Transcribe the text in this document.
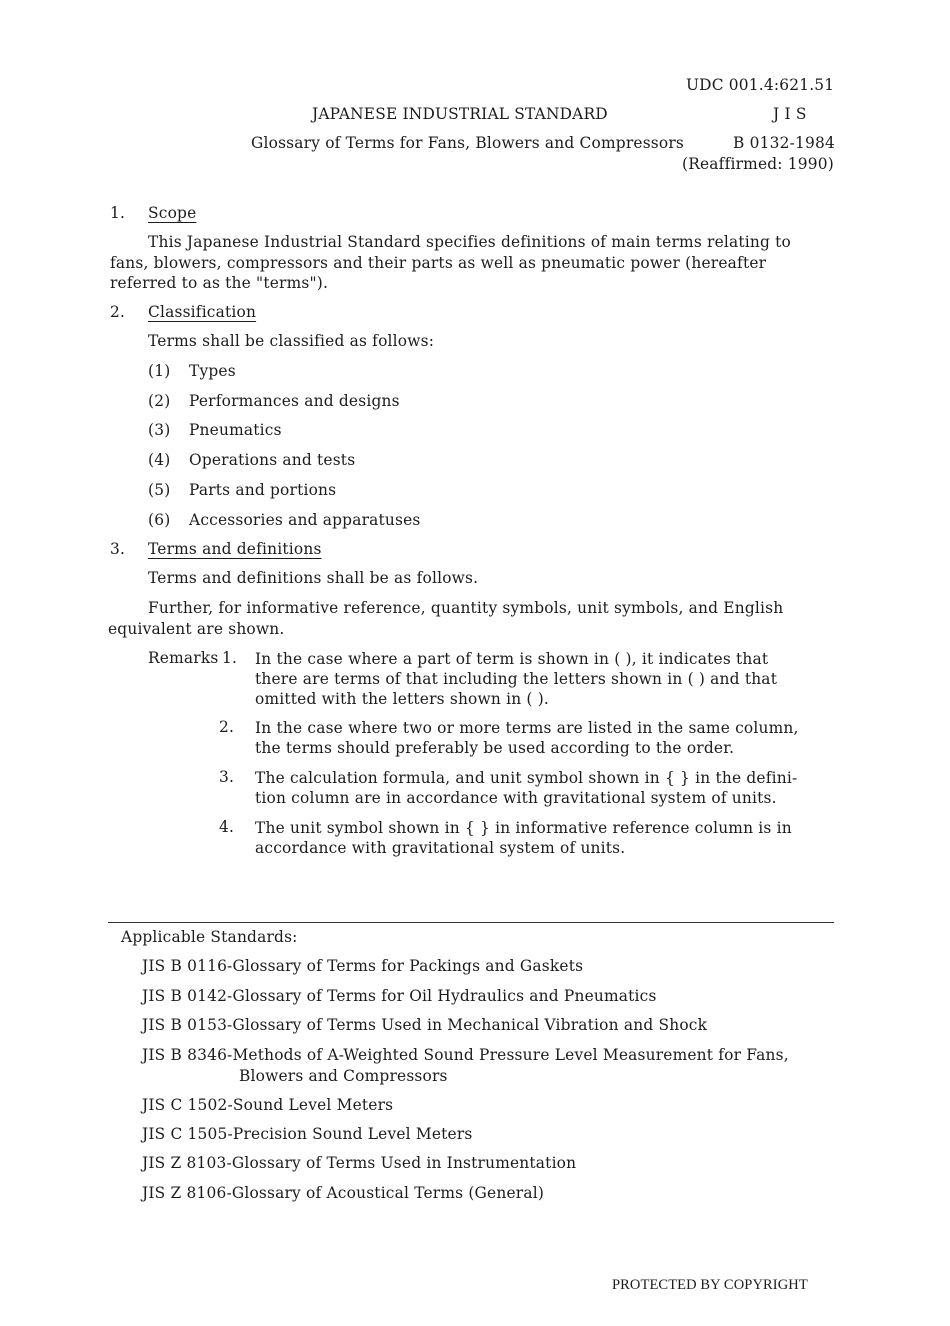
UDC 001.4:621.51
JAPANESE INDUSTRIAL STANDARD	J I S
Glossary of Terms for Fans, Blowers and Compressors	B 0132-1984
(Reaffirmed: 1990)
1. Scope
This Japanese Industrial Standard specifies definitions of main terms relating to
fans, blowers, compressors and their parts as well as pneumatic power (hereafter
referred to as the "terms").
2. Classification
Terms shall be classified as follows:
(1) Types
(2) Performances and designs
(3) Pneumatics
(4) Operations and tests
(5) Parts and portions
(6) Accessories and apparatuses
3. Terms and definitions
Terms and definitions shall be as follows.
Further, for informative reference, quantity symbols, unit symbols, and English
equivalent are shown.
Remarks 1. In the case where a part of term is shown in ( ), it indicates that
there are terms of that including the letters shown in ( ) and that
omitted with the letters shown in ( ).
2. In the case where two or more terms are listed in the same column,
the terms should preferably be used according to the order.
3. The calculation formula, and unit symbol shown in { } in the defini-
tion column are in accordance with gravitational system of units.
4. The unit symbol shown in { } in informative reference column is in
accordance with gravitational system of units.
Applicable Standards:
JIS B 0116-Glossary of Terms for Packings and Gaskets
JIS B 0142-Glossary of Terms for Oil Hydraulics and Pneumatics
JIS B 0153-Glossary of Terms Used in Mechanical Vibration and Shock
JIS B 8346-Methods of A-Weighted Sound Pressure Level Measurement for Fans,
Blowers and Compressors
JIS C 1502-Sound Level Meters
JIS C 1505-Precision Sound Level Meters
JIS Z 8103-Glossary of Terms Used in Instrumentation
JIS Z 8106-Glossary of Acoustical Terms (General)
PROTECTED BY COPYRIGHT
